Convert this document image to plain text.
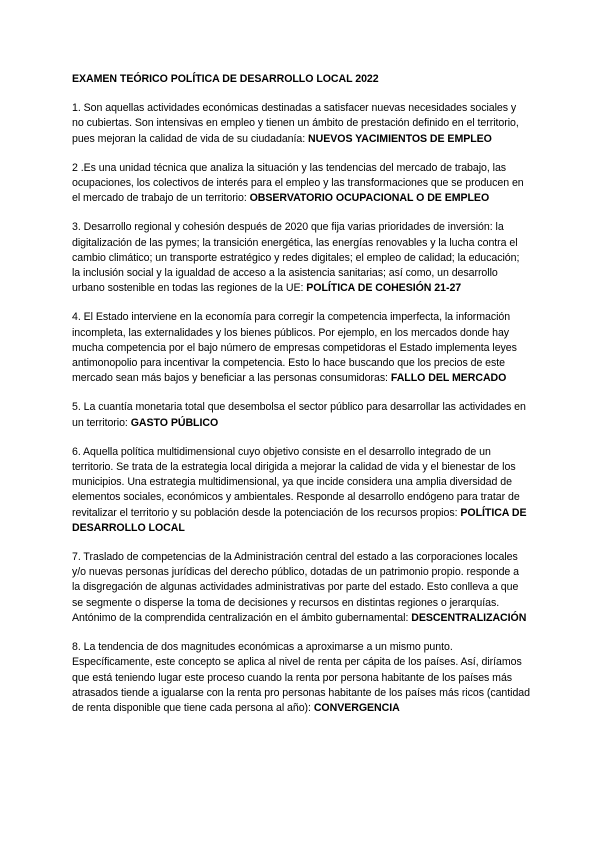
EXAMEN TEÓRICO POLÍTICA DE DESARROLLO LOCAL 2022

1. Son aquellas actividades económicas destinadas a satisfacer nuevas necesidades sociales y no cubiertas. Son intensivas en empleo y tienen un ámbito de prestación definido en el territorio, pues mejoran la calidad de vida de su ciudadanía: NUEVOS YACIMIENTOS DE EMPLEO

2 .Es una unidad técnica que analiza la situación y las tendencias del mercado de trabajo, las ocupaciones, los colectivos de interés para el empleo y las transformaciones que se producen en el mercado de trabajo de un territorio: OBSERVATORIO OCUPACIONAL O DE EMPLEO

3. Desarrollo regional y cohesión después de 2020 que fija varias prioridades de inversión: la digitalización de las pymes; la transición energética, las energías renovables y la lucha contra el cambio climático; un transporte estratégico y redes digitales; el empleo de calidad; la educación; la inclusión social y la igualdad de acceso a la asistencia sanitarias; así como, un desarrollo urbano sostenible en todas las regiones de la UE: POLÍTICA DE COHESIÓN 21-27

4. El Estado interviene en la economía para corregir la competencia imperfecta, la información incompleta, las externalidades y los bienes públicos. Por ejemplo, en los mercados donde hay mucha competencia por el bajo número de empresas competidoras el Estado implementa leyes antimonopolio para incentivar la competencia. Esto lo hace buscando que los precios de este mercado sean más bajos y beneficiar a las personas consumidoras: FALLO DEL MERCADO

5. La cuantía monetaria total que desembolsa el sector público para desarrollar las actividades en un territorio: GASTO PÚBLICO

6. Aquella política multidimensional cuyo objetivo consiste en el desarrollo integrado de un territorio. Se trata de la estrategia local dirigida a mejorar la calidad de vida y el bienestar de los municipios. Una estrategia multidimensional, ya que incide considera una amplia diversidad de elementos sociales, económicos y ambientales. Responde al desarrollo endógeno para tratar de revitalizar el territorio y su población desde la potenciación de los recursos propios: POLÍTICA DE DESARROLLO LOCAL

7. Traslado de competencias de la Administración central del estado a las corporaciones locales y/o nuevas personas jurídicas del derecho público, dotadas de un patrimonio propio. responde a la disgregación de algunas actividades administrativas por parte del estado. Esto conlleva a que se segmente o disperse la toma de decisiones y recursos en distintas regiones o jerarquías. Antónimo de la comprendida centralización en el ámbito gubernamental: DESCENTRALIZACIÓN

8. La tendencia de dos magnitudes económicas a aproximarse a un mismo punto. Específicamente, este concepto se aplica al nivel de renta per cápita de los países. Así, diríamos que está teniendo lugar este proceso cuando la renta por persona habitante de los países más atrasados tiende a igualarse con la renta pro personas habitante de los países más ricos (cantidad de renta disponible que tiene cada persona al año): CONVERGENCIA
